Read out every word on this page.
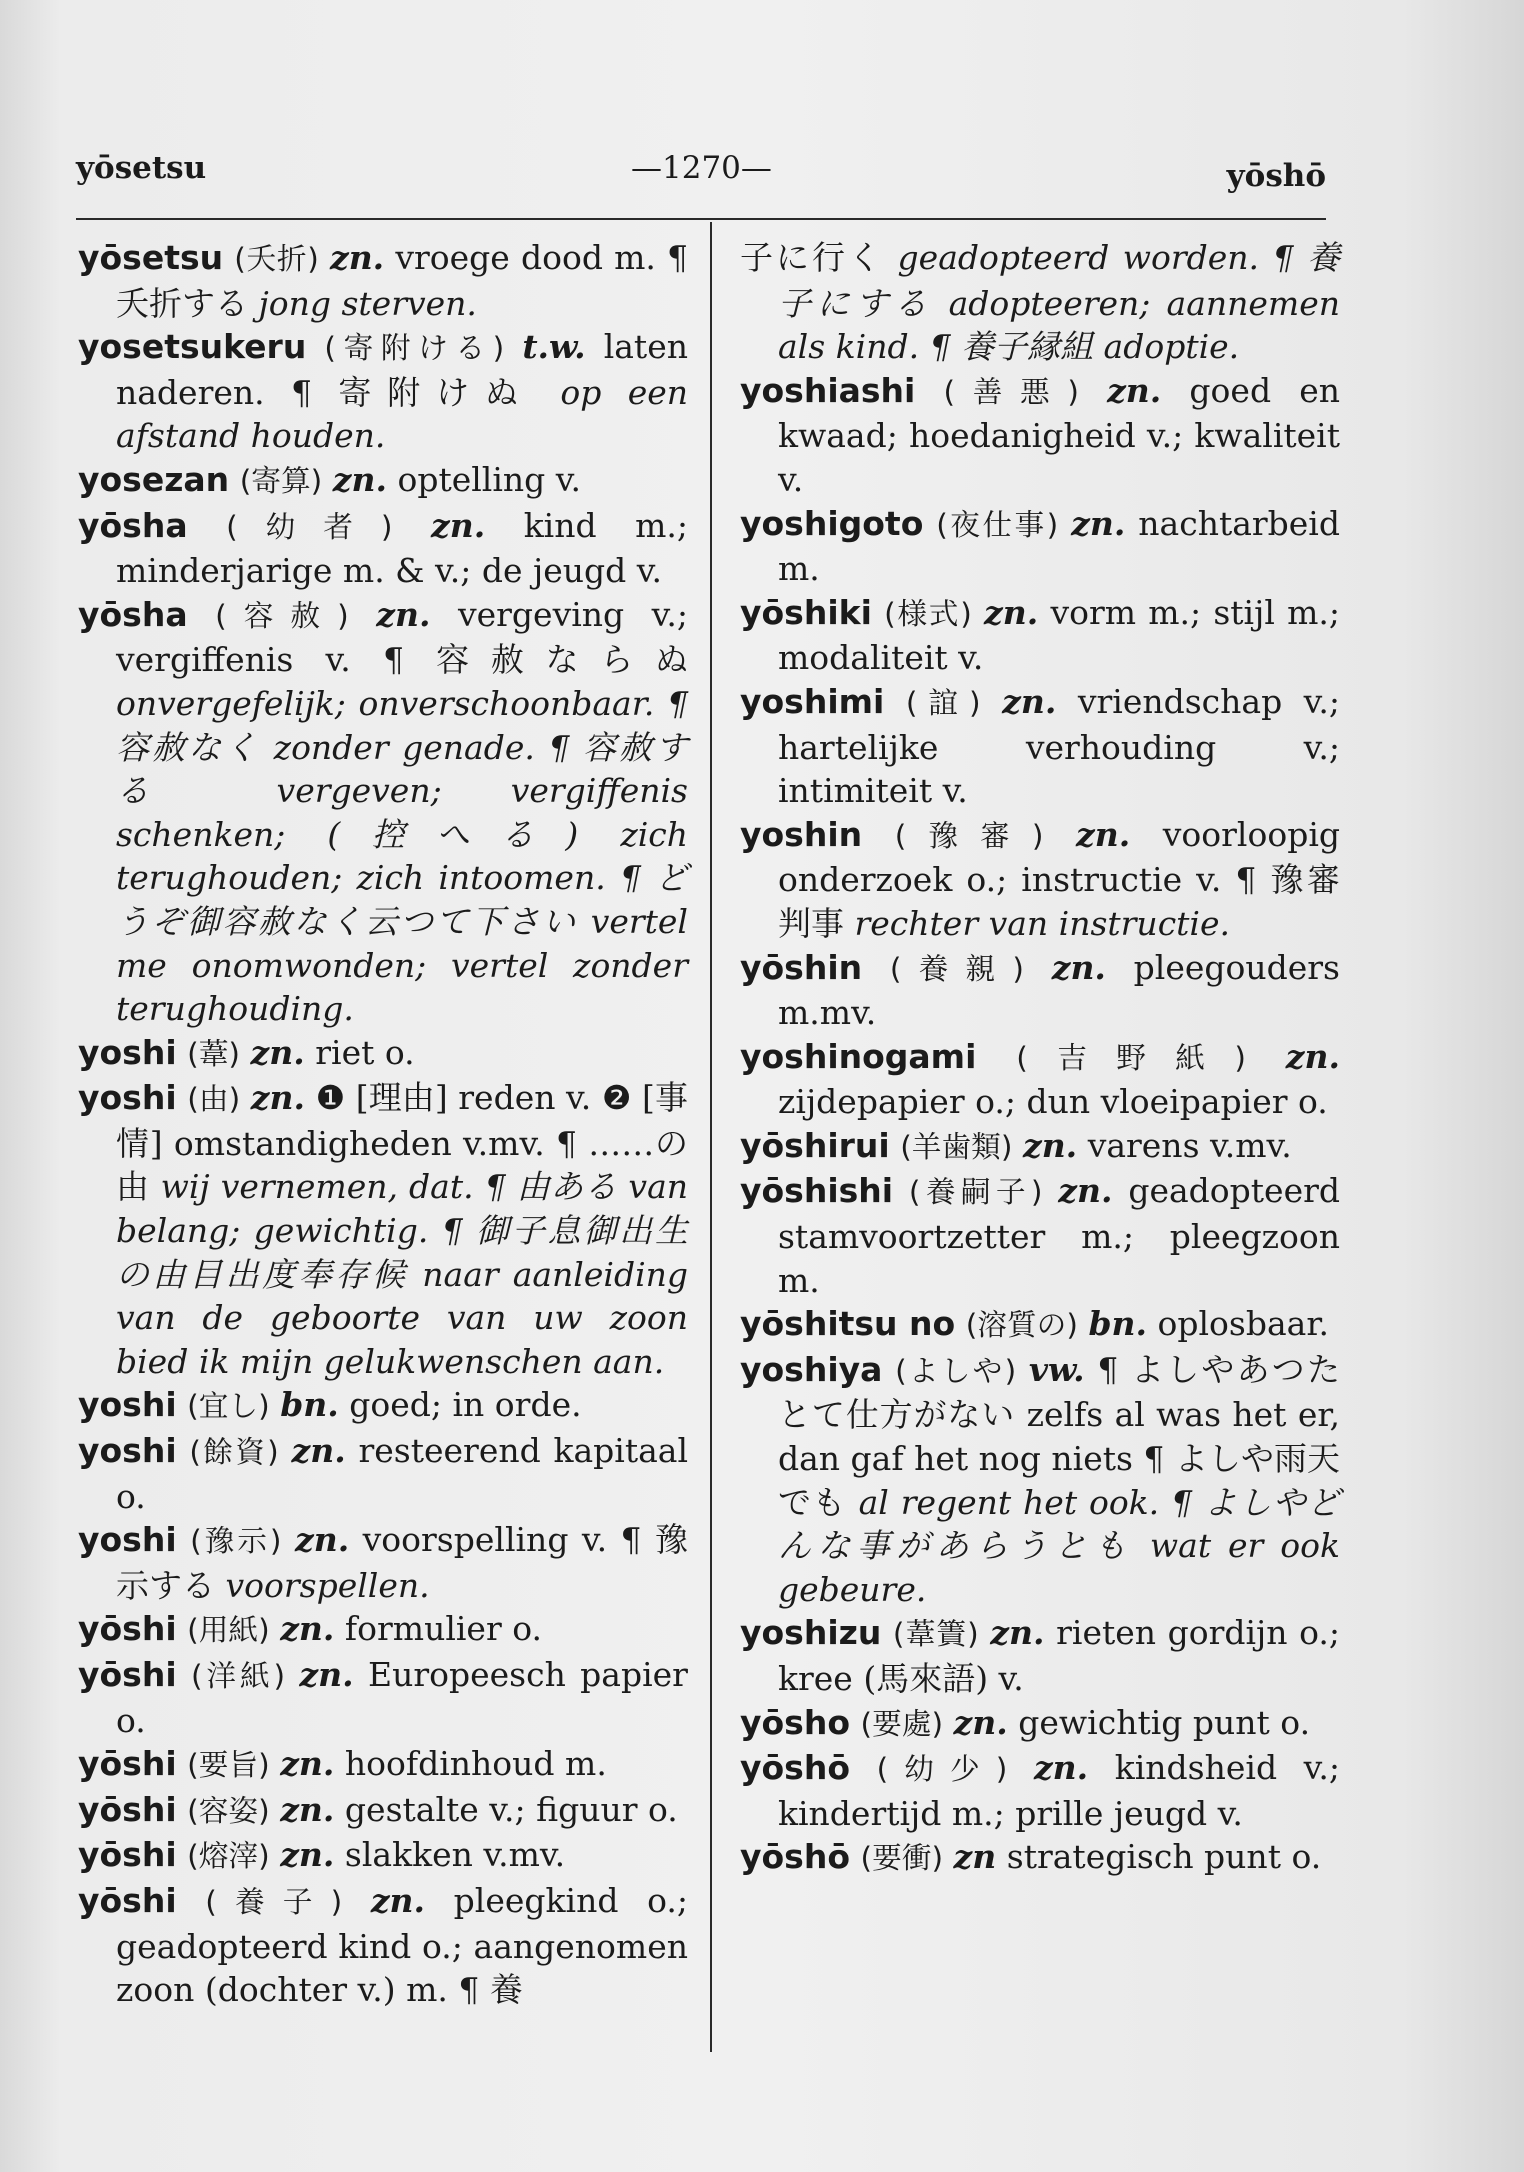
yōsetsu	—1270—	yōshō

yōsetsu (夭折) zn. vroege dood m. ¶ 夭折する jong sterven.

yosetsukeru (寄附ける) t.w. laten naderen. ¶ 寄附けぬ op een afstand houden.

yosezan (寄算) zn. optelling v.

yōsha (幼者) zn. kind m.; minderjarige m. & v.; de jeugd v.

yōsha (容赦) zn. vergeving v.; vergiffenis v. ¶ 容赦ならぬ onvergefelijk; onverschoonbaar. ¶ 容赦なく zonder genade. ¶ 容赦する vergeven; vergiffenis schenken; (控へる) zich terughouden; zich intoomen. ¶ どうぞ御容赦なく云つて下さい vertel me onomwonden; vertel zonder terughouding.

yoshi (葦) zn. riet o.

yoshi (由) zn. ❶ [理由] reden v. ❷ [事情] omstandigheden v.mv. ¶ ……の由 wij vernemen, dat. ¶ 由ある van belang; gewichtig. ¶ 御子息御出生の由目出度奉存候 naar aanleiding van de geboorte van uw zoon bied ik mijn gelukwenschen aan.

yoshi (宜し) bn. goed; in orde.

yoshi (餘資) zn. resteerend kapitaal o.

yoshi (豫示) zn. voorspelling v. ¶ 豫示する voorspellen.

yōshi (用紙) zn. formulier o.

yōshi (洋紙) zn. Europeesch papier o.

yōshi (要旨) zn. hoofdinhoud m.

yōshi (容姿) zn. gestalte v.; figuur o.

yōshi (熔滓) zn. slakken v.mv.

yōshi (養子) zn. pleegkind o.; geadopteerd kind o.; aangenomen zoon (dochter v.) m. ¶ 養

子に行く geadopteerd worden. ¶ 養子にする adopteeren; aannemen als kind. ¶ 養子縁組 adoptie.

yoshiashi (善悪) zn. goed en kwaad; hoedanigheid v.; kwaliteit v.

yoshigoto (夜仕事) zn. nachtarbeid m.

yōshiki (様式) zn. vorm m.; stijl m.; modaliteit v.

yoshimi (誼) zn. vriendschap v.; hartelijke verhouding v.; intimiteit v.

yoshin (豫審) zn. voorloopig onderzoek o.; instructie v. ¶ 豫審判事 rechter van instructie.

yōshin (養親) zn. pleegouders m.mv.

yoshinogami (吉野紙) zn. zijdepapier o.; dun vloeipapier o.

yōshirui (羊歯類) zn. varens v.mv.

yōshishi (養嗣子) zn. geadopteerd stamvoortzetter m.; pleegzoon m.

yōshitsu no (溶質の) bn. oplosbaar.

yoshiya (よしや) vw. ¶ よしやあつたとて仕方がない zelfs al was het er, dan gaf het nog niets ¶ よしや雨天でも al regent het ook. ¶ よしやどんな事があらうとも wat er ook gebeure.

yoshizu (葦簀) zn. rieten gordijn o.; kree (馬來語) v.

yōsho (要處) zn. gewichtig punt o.

yōshō (幼少) zn. kindsheid v.; kindertijd m.; prille jeugd v.

yōshō (要衝) zn strategisch punt o.
